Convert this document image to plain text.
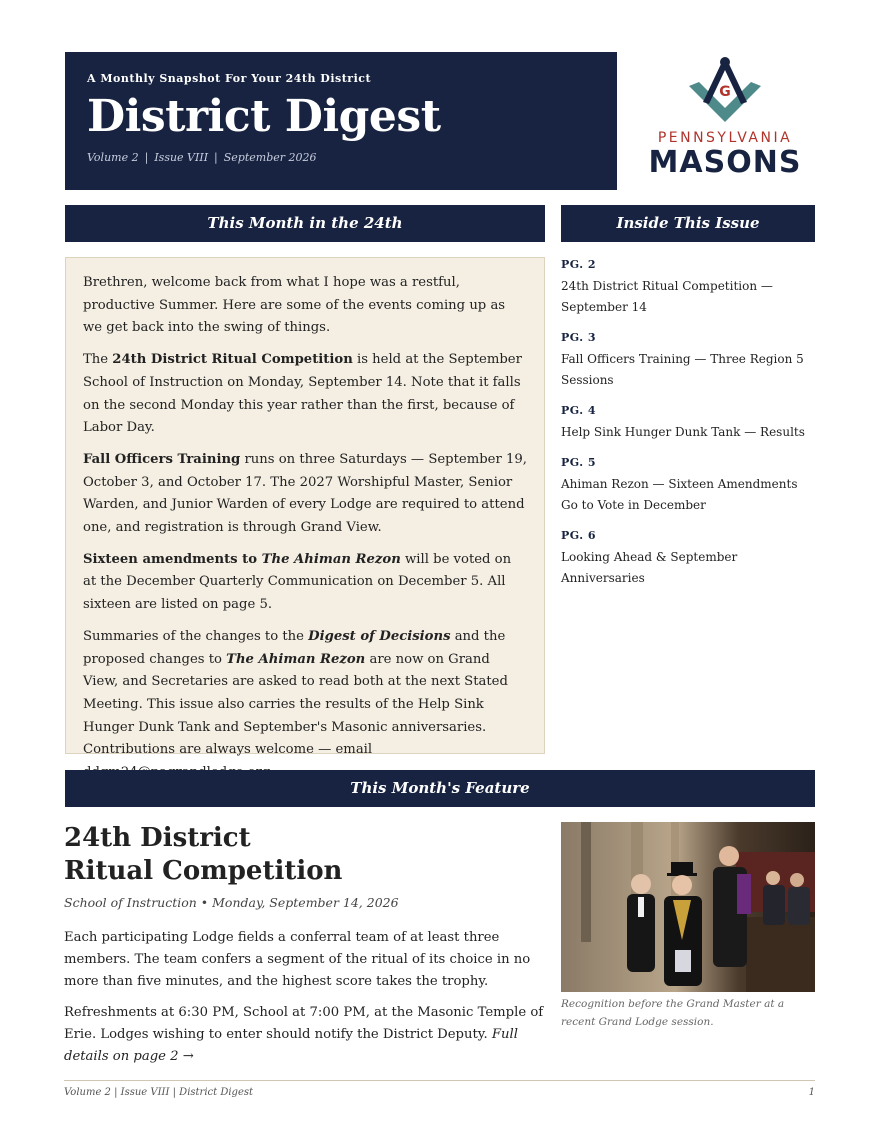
A Monthly Snapshot For Your 24th District

District Digest
Volume 2 | Issue VIII | September 2026
G
PENNSYLVANIA
MASONS
This Month in the 24th	Inside This Issue

Brethren, welcome back from what I hope was a restful, productive Summer. Here are some of the events coming up as we get back into the swing of things.

The 24th District Ritual Competition is held at the September School of Instruction on Monday, September 14. Note that it falls on the second Monday this year rather than the first, because of Labor Day.

Fall Officers Training runs on three Saturdays — September 19, October 3, and October 17. The 2027 Worshipful Master, Senior Warden, and Junior Warden of every Lodge are required to attend one, and registration is through Grand View.

Sixteen amendments to The Ahiman Rezon will be voted on at the December Quarterly Communication on December 5. All sixteen are listed on page 5.

Summaries of the changes to the Digest of Decisions and the proposed changes to The Ahiman Rezon are now on Grand View, and Secretaries are asked to read both at the next Stated Meeting. This issue also carries the results of the Help Sink Hunger Dunk Tank and September's Masonic anniversaries. Contributions are always welcome — email

PG. 2
24th District Ritual Competition — September 14
PG. 3
Fall Officers Training — Three Region 5 Sessions
PG. 4
Help Sink Hunger Dunk Tank — Results
PG. 5
Ahiman Rezon — Sixteen Amendments Go to Vote in December
PG. 6
Looking Ahead & September Anniversaries
This Month's Feature
24th District
Ritual Competition
School of Instruction • Monday, September 14, 2026

Each participating Lodge fields a conferral team of at least three members. The team confers a segment of the ritual of its choice in no more than five minutes, and the highest score takes the trophy.

Refreshments at 6:30 PM, School at 7:00 PM, at the Masonic Temple of Erie. Lodges wishing to enter should notify the District Deputy. Full details on page 2 →

Recognition before the Grand Master at a recent Grand Lodge session.
Volume 2 | Issue VIII | District Digest	1
